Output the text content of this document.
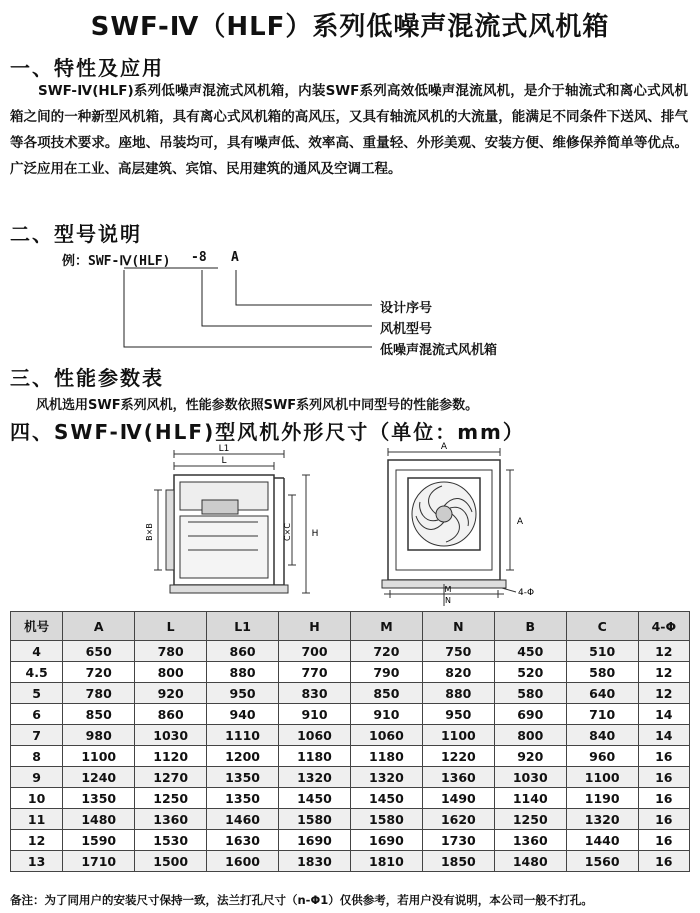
SWF-Ⅳ（HLF）系列低噪声混流式风机箱
一、特性及应用
SWF-Ⅳ(HLF)系列低噪声混流式风机箱，内装SWF系列高效低噪声混流风机，是介于轴流式和离心式风机箱之间的一种新型风机箱，具有离心式风机箱的高风压，又具有轴流风机的大流量，能满足不同条件下送风、排气等各项技术要求。座地、吊装均可，具有噪声低、效率高、重量轻、外形美观、安装方便、维修保养简单等优点。广泛应用在工业、高层建筑、宾馆、民用建筑的通风及空调工程。
二、型号说明
例：SWF-Ⅳ(HLF) -8 A
设计序号
风机型号
低噪声混流式风机箱
三、性能参数表
风机选用SWF系列风机，性能参数依照SWF系列风机中同型号的性能参数。
四、SWF-Ⅳ(HLF)型风机外形尺寸（单位：mm）
L1
L
B×B	C×C H
A
A
N
M	4-Φ
机号	A	L	L1	H	M	N	B	C	4-Φ
4	650	780	860	700	720	750	450	510	12
4.5	720	800	880	770	790	820	520	580	12
5	780	920	950	830	850	880	580	640	12
6	850	860	940	910	910	950	690	710	14
7	980	1030	1110	1060	1060	1100	800	840	14
8	1100	1120	1200	1180	1180	1220	920	960	16
9	1240	1270	1350	1320	1320	1360	1030	1100	16
10	1350	1250	1350	1450	1450	1490	1140	1190	16
11	1480	1360	1460	1580	1580	1620	1250	1320	16
12	1590	1530	1630	1690	1690	1730	1360	1440	16
13	1710	1500	1600	1830	1810	1850	1480	1560	16
备注：为了同用户的安装尺寸保持一致，法兰打孔尺寸（n-Φ1）仅供参考，若用户没有说明，本公司一般不打孔。
